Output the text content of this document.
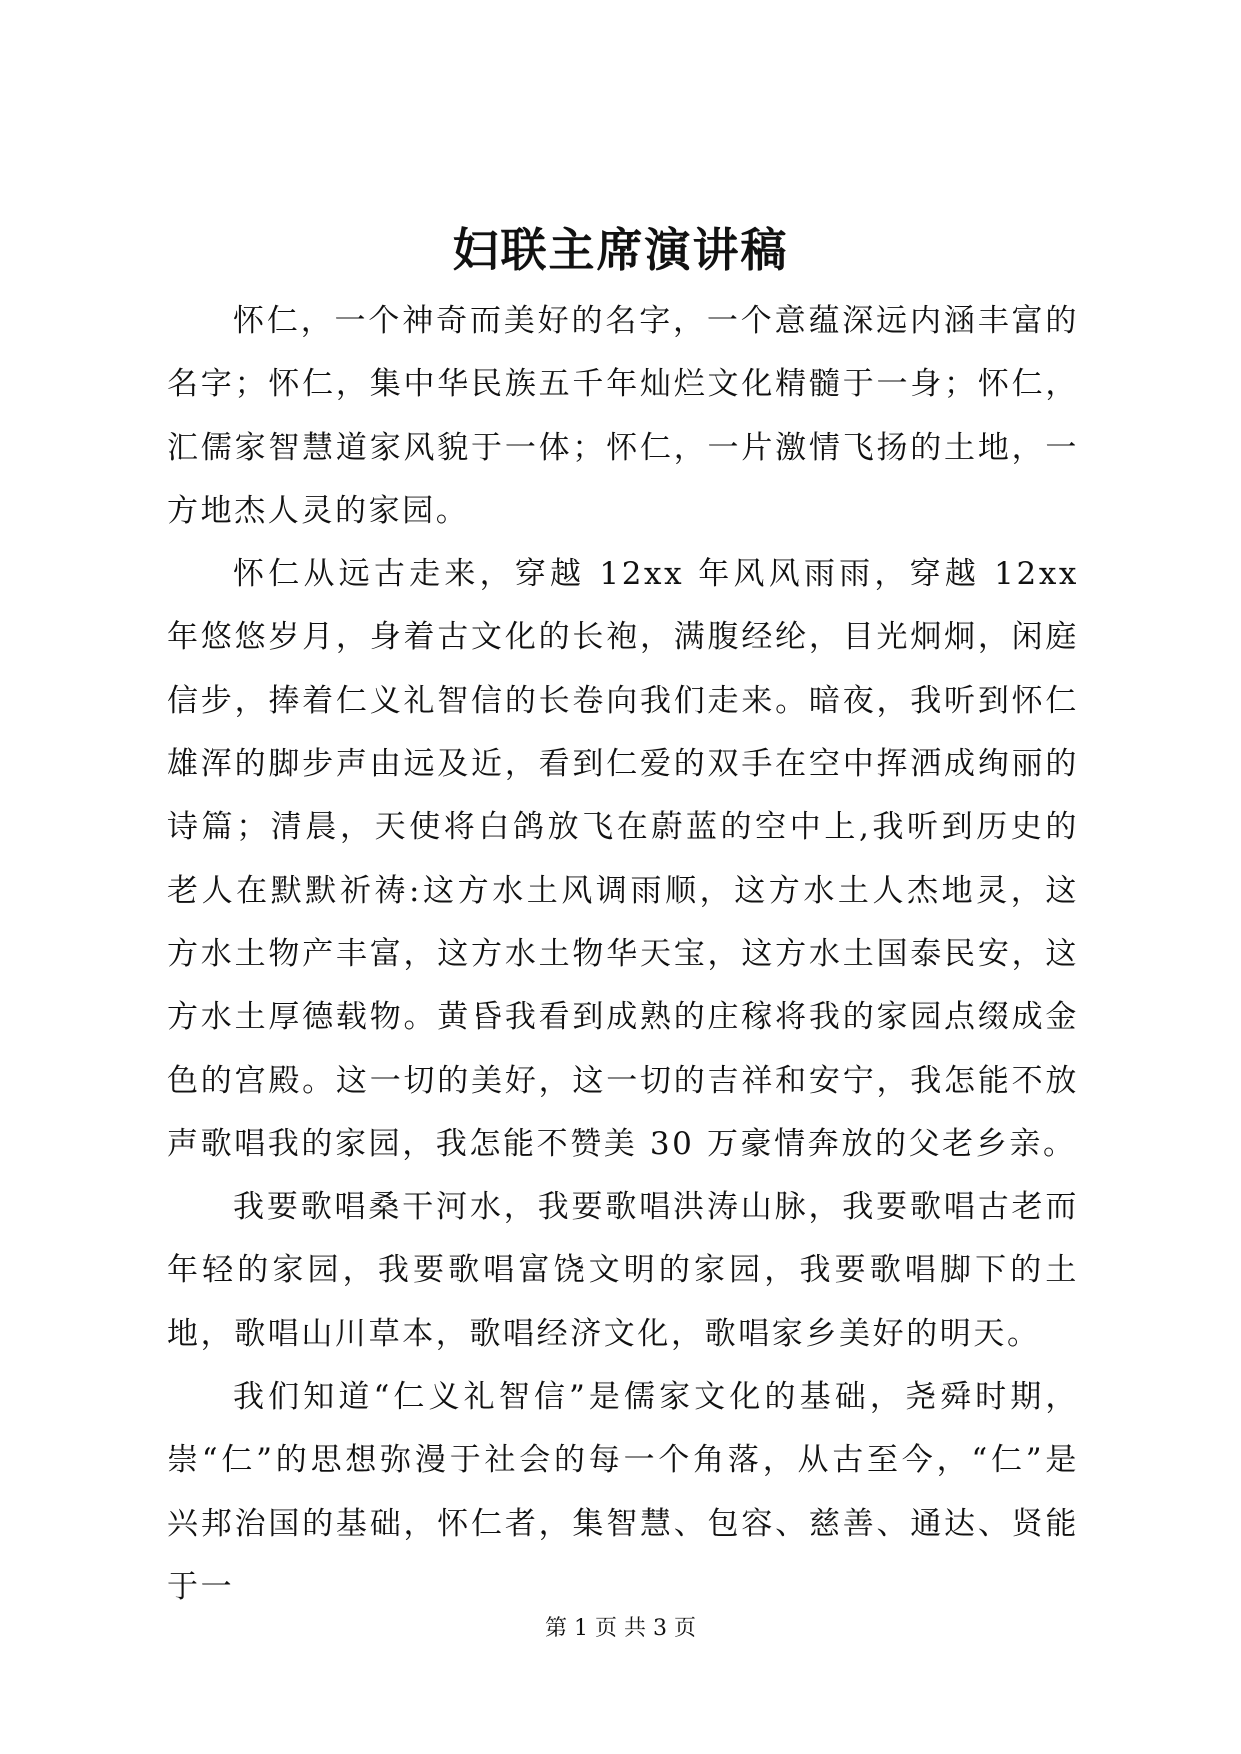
妇联主席演讲稿

怀仁，一个神奇而美好的名字，一个意蕴深远内涵丰富的名字；怀仁，集中华民族五千年灿烂文化精髓于一身；怀仁，汇儒家智慧道家风貌于一体；怀仁，一片激情飞扬的土地，一方地杰人灵的家园。

怀仁从远古走来，穿越 12xx 年风风雨雨，穿越 12xx 年悠悠岁月，身着古文化的长袍，满腹经纶，目光炯炯，闲庭信步，捧着仁义礼智信的长卷向我们走来。暗夜，我听到怀仁雄浑的脚步声由远及近，看到仁爱的双手在空中挥洒成绚丽的诗篇；清晨，天使将白鸽放飞在蔚蓝的空中上,我听到历史的老人在默默祈祷:这方水土风调雨顺，这方水土人杰地灵，这方水土物产丰富，这方水土物华天宝，这方水土国泰民安，这方水土厚德载物。黄昏我看到成熟的庄稼将我的家园点缀成金色的宫殿。这一切的美好，这一切的吉祥和安宁，我怎能不放声歌唱我的家园，我怎能不赞美 30 万豪情奔放的父老乡亲。

我要歌唱桑干河水，我要歌唱洪涛山脉，我要歌唱古老而年轻的家园，我要歌唱富饶文明的家园，我要歌唱脚下的土地，歌唱山川草本，歌唱经济文化，歌唱家乡美好的明天。

我们知道“仁义礼智信”是儒家文化的基础，尧舜时期，崇“仁”的思想弥漫于社会的每一个角落，从古至今，“仁”是兴邦治国的基础，怀仁者，集智慧、包容、慈善、通达、贤能于一

第 1 页 共 3 页
